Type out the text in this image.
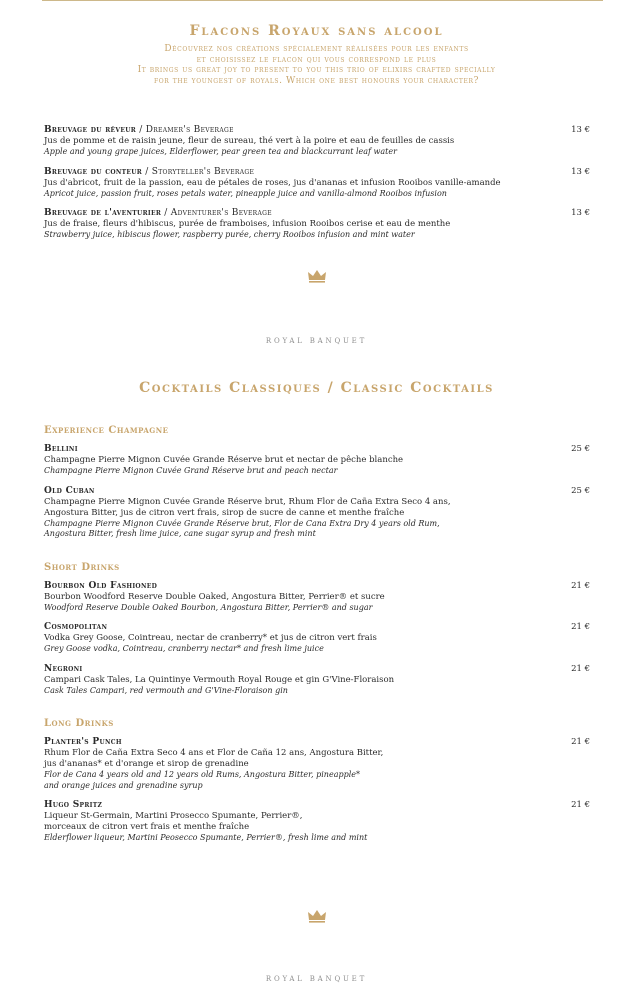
Flacons Royaux sans alcool
Découvrez nos créations spécialement réalisées pour les enfants
et choisissez le flacon qui vous correspond le plus
It brings us great joy to present to you this trio of elixirs crafted specially
for the youngest of royals. Which one best honours your character?
Breuvage du rêveur / Dreamer's Beverage
Jus de pomme et de raisin jeune, fleur de sureau, thé vert à la poire et eau de feuilles de cassis
Apple and young grape juices, Elderflower, pear green tea and blackcurrant leaf water
13 €
Breuvage du conteur / Storyteller's Beverage
Jus d'abricot, fruit de la passion, eau de pétales de roses, jus d'ananas et infusion Rooibos vanille-amande
Apricot juice, passion fruit, roses petals water, pineapple juice and vanilla-almond Rooibos infusion
13 €
Breuvage de l'aventurier / Adventurer's Beverage
Jus de fraise, fleurs d'hibiscus, purée de framboises, infusion Rooibos cerise et eau de menthe
Strawberry juice, hibiscus flower, raspberry purée, cherry Rooibos infusion and mint water
13 €
ROYAL BANQUET
Cocktails Classiques / Classic Cocktails
Experience Champagne
Bellini
Champagne Pierre Mignon Cuvée Grande Réserve brut et nectar de pêche blanche
Champagne Pierre Mignon Cuvée Grand Réserve brut and peach nectar
25 €
Old Cuban
Champagne Pierre Mignon Cuvée Grande Réserve brut, Rhum Flor de Caña Extra Seco 4 ans,
Angostura Bitter, jus de citron vert frais, sirop de sucre de canne et menthe fraîche
Champagne Pierre Mignon Cuvée Grande Réserve brut, Flor de Cana Extra Dry 4 years old Rum,
Angostura Bitter, fresh lime juice, cane sugar syrup and fresh mint
25 €
Short Drinks
Bourbon Old Fashioned
Bourbon Woodford Reserve Double Oaked, Angostura Bitter, Perrier® et sucre
Woodford Reserve Double Oaked Bourbon, Angostura Bitter, Perrier® and sugar
21 €
Cosmopolitan
Vodka Grey Goose, Cointreau, nectar de cranberry* et jus de citron vert frais
Grey Goose vodka, Cointreau, cranberry nectar* and fresh lime juice
21 €
Negroni
Campari Cask Tales, La Quintinye Vermouth Royal Rouge et gin G'Vine-Floraison
Cask Tales Campari, red vermouth and G'Vine-Floraison gin
21 €
Long Drinks
Planter's Punch
Rhum Flor de Caña Extra Seco 4 ans et Flor de Caña 12 ans, Angostura Bitter,
jus d'ananas* et d'orange et sirop de grenadine
Flor de Cana 4 years old and 12 years old Rums, Angostura Bitter, pineapple*
and orange juices and grenadine syrup
21 €
Hugo Spritz
Liqueur St-Germain, Martini Prosecco Spumante, Perrier®,
morceaux de citron vert frais et menthe fraîche
Elderflower liqueur, Martini Peosecco Spumante, Perrier®, fresh lime and mint
21 €
ROYAL BANQUET
